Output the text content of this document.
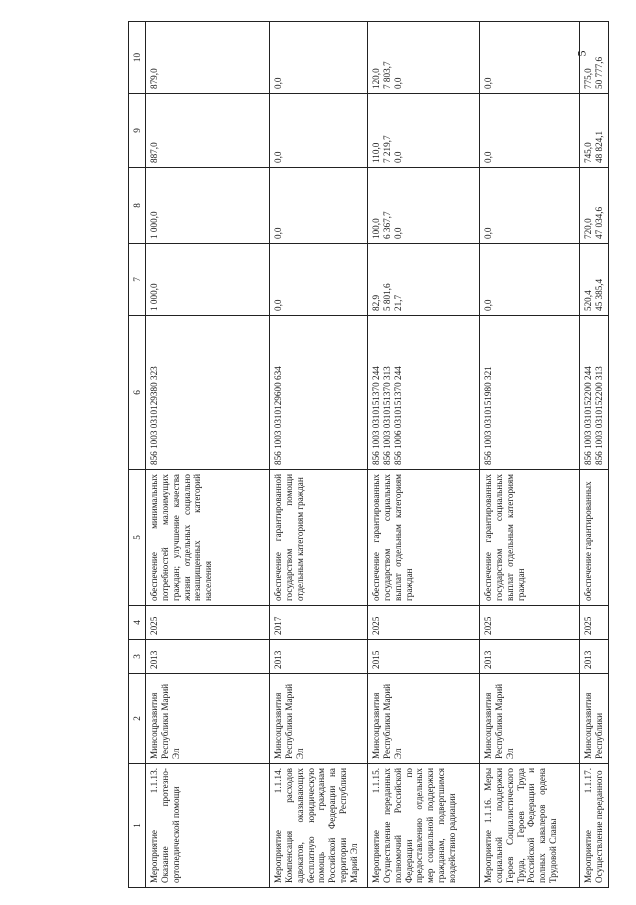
5
1	2	3	4	5	6	7	8	9	10
Мероприятие 1.1.13. Оказание протезно-ортопедической помощи	Минсоцразвития Республики Марий Эл	2013	2025	обеспечение минимальных потребностей малоимущих граждан; улучшение качества жизни отдельных социально незащищенных категорий населения	856 1003 0310129380 323	1 000,0	1 000,0	887,0	879,0

Мероприятие 1.1.14. Компенсация расходов адвокатов, оказывающих бесплатную юридическую помощь гражданам Российской Федерации на территории Республики Марий Эл	Минсоцразвития Республики Марий Эл	2013	2017	обеспечение гарантированной государством помощи отдельным категориям граждан	856 1003 0310129600 634	0,0	0,0	0,0	0,0

Мероприятие 1.1.15. Осуществление переданных полномочий Российской Федерации по предоставлению отдельных мер социальной поддержки гражданам, подвергшимся воздействию радиации	Минсоцразвития Республики Марий Эл	2015	2025	обеспечение гарантированных государством социальных выплат отдельным категориям граждан	856 1003 0310151370 244 856 1003 0310151370 313 856 1006 0310151370 244	82,9 5 801,6 21,7	100,0 6 367,7 0,0	110,0 7 219,7 0,0	120,0 7 803,7 0,0

Мероприятие 1.1.16. Меры социальной поддержки Героев Социалистического Труда, Героев Труда Российской Федерации и полных кавалеров ордена Трудовой Славы	Минсоцразвития Республики Марий Эл	2013	2025	обеспечение гарантированных государством социальных выплат отдельным категориям граждан	856 1003 0310151980 321	0,0	0,0	0,0	0,0

Мероприятие 1.1.17. Осуществление переданного	Минсоцразвития Республики	2013	2025	обеспечение гарантированных	856 1003 0310152200 244 856 1003 0310152200 313	520,4 45 385,4	720,0 47 034,6	745,0 48 824,1	775,0 50 777,6
